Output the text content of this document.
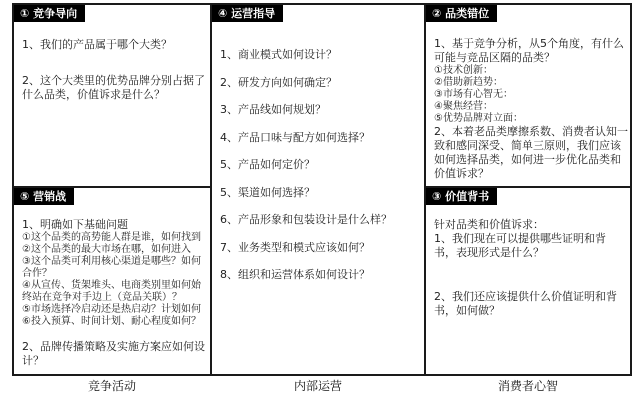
① 竞争导向

1、我们的产品属于哪个大类？

2、这个大类里的优势品牌分别占据了什么品类，价值诉求是什么？

⑤ 营销战

1、明确如下基础问题

①这个品类的高势能人群是谁，如何找到

②这个品类的最大市场在哪，如何进入

③这个品类可利用核心渠道是哪些？如何合作？

④从宣传、货架堆头、电商类别里如何始终站在竞争对手边上（竞品关联）？

⑤市场选择冷启动还是热启动？计划如何

⑥投入预算、时间计划、耐心程度如何？

2、品牌传播策略及实施方案应如何设计？

④ 运营指导

1、商业模式如何设计？

2、研发方向如何确定？

3、产品线如何规划？

4、产品口味与配方如何选择？

5、产品如何定价？

5、渠道如何选择？

6、产品形象和包装设计是什么样？

7、业务类型和模式应该如何？

8、组织和运营体系如何设计？

② 品类错位

1、基于竞争分析，从5个角度，有什么可能与竞品区隔的品类？

①技术创新：

②借助新趋势：

③市场有心智无：

④聚焦经营：

⑤优势品牌对立面：

2、本着老品类摩擦系数、消费者认知一致和感同深受、简单三原则，我们应该如何选择品类，如何进一步优化品类和价值诉求？

③ 价值背书

针对品类和价值诉求：

1、我们现在可以提供哪些证明和背书，表现形式是什么？

2、我们还应该提供什么价值证明和背书，如何做？

竞争活动	内部运营	消费者心智
